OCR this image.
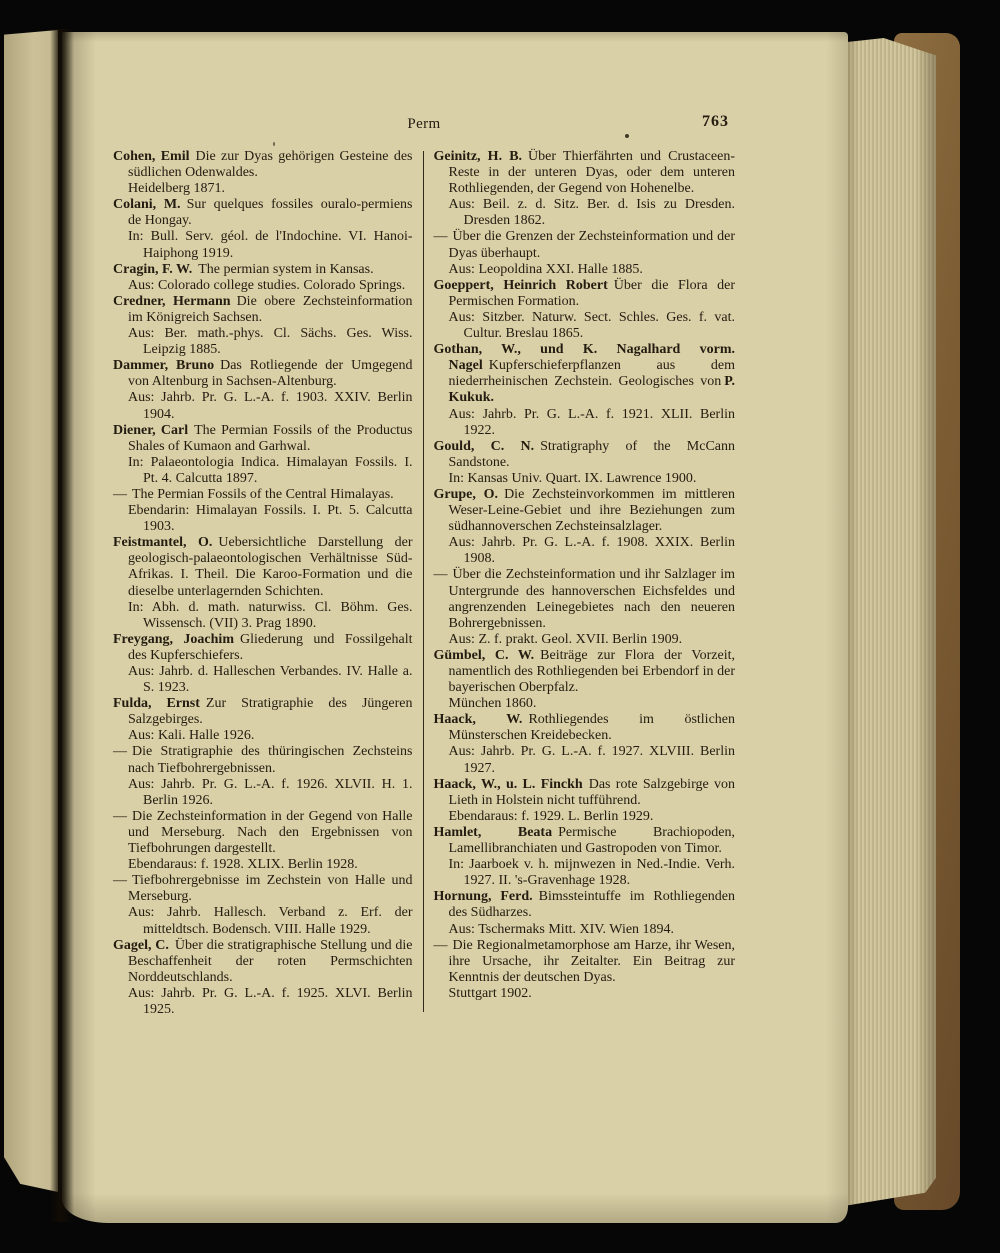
Perm	763

Cohen, Emil Die zur Dyas gehörigen Gesteine des südlichen Odenwaldes.

Heidelberg 1871.

Colani, M. Sur quelques fossiles ouralo-permiens de Hongay.

In: Bull. Serv. géol. de l'Indochine. VI. Hanoi-Haiphong 1919.

Cragin, F. W. The permian system in Kansas.

Aus: Colorado college studies. Colorado Springs.

Credner, Hermann Die obere Zechsteinformation im Königreich Sachsen.

Aus: Ber. math.-phys. Cl. Sächs. Ges. Wiss. Leipzig 1885.

Dammer, Bruno Das Rotliegende der Umgegend von Altenburg in Sachsen-Altenburg.

Aus: Jahrb. Pr. G. L.-A. f. 1903. XXIV. Berlin 1904.

Diener, Carl The Permian Fossils of the Productus Shales of Kumaon and Garhwal.

In: Palaeontologia Indica. Himalayan Fossils. I. Pt. 4. Calcutta 1897.

— The Permian Fossils of the Central Himalayas.

Ebendarin: Himalayan Fossils. I. Pt. 5. Calcutta 1903.

Feistmantel, O. Uebersichtliche Darstellung der geologisch-palaeontologischen Verhältnisse Süd-Afrikas. I. Theil. Die Karoo-Formation und die dieselbe unterlagernden Schichten.

In: Abh. d. math. naturwiss. Cl. Böhm. Ges. Wissensch. (VII) 3. Prag 1890.

Freygang, Joachim Gliederung und Fossilgehalt des Kupferschiefers.

Aus: Jahrb. d. Halleschen Verbandes. IV. Halle a. S. 1923.

Fulda, Ernst Zur Stratigraphie des Jüngeren Salzgebirges.

Aus: Kali. Halle 1926.

— Die Stratigraphie des thüringischen Zechsteins nach Tiefbohrergebnissen.

Aus: Jahrb. Pr. G. L.-A. f. 1926. XLVII. H. 1. Berlin 1926.

— Die Zechsteinformation in der Gegend von Halle und Merseburg. Nach den Ergebnissen von Tiefbohrungen dargestellt.

Ebendaraus: f. 1928. XLIX. Berlin 1928.

— Tiefbohrergebnisse im Zechstein von Halle und Merseburg.

Aus: Jahrb. Hallesch. Verband z. Erf. der mitteldtsch. Bodensch. VIII. Halle 1929.

Gagel, C. Über die stratigraphische Stellung und die Beschaffenheit der roten Permschichten Norddeutschlands.

Aus: Jahrb. Pr. G. L.-A. f. 1925. XLVI. Berlin 1925.

Geinitz, H. B. Über Thierfährten und Crustaceen-Reste in der unteren Dyas, oder dem unteren Rothliegenden, der Gegend von Hohenelbe.

Aus: Beil. z. d. Sitz. Ber. d. Isis zu Dresden. Dresden 1862.

— Über die Grenzen der Zechsteinformation und der Dyas überhaupt.

Aus: Leopoldina XXI. Halle 1885.

Goeppert, Heinrich Robert Über die Flora der Permischen Formation.

Aus: Sitzber. Naturw. Sect. Schles. Ges. f. vat. Cultur. Breslau 1865.

Gothan, W., und K. Nagalhard vorm. Nagel Kupferschieferpflanzen aus dem niederrheinischen Zechstein. Geologisches von P. Kukuk.

Aus: Jahrb. Pr. G. L.-A. f. 1921. XLII. Berlin 1922.

Gould, C. N. Stratigraphy of the McCann Sandstone.

In: Kansas Univ. Quart. IX. Lawrence 1900.

Grupe, O. Die Zechsteinvorkommen im mittleren Weser-Leine-Gebiet und ihre Beziehungen zum südhannoverschen Zechsteinsalzlager.

Aus: Jahrb. Pr. G. L.-A. f. 1908. XXIX. Berlin 1908.

— Über die Zechsteinformation und ihr Salzlager im Untergrunde des hannoverschen Eichsfeldes und angrenzenden Leinegebietes nach den neueren Bohrergebnissen.

Aus: Z. f. prakt. Geol. XVII. Berlin 1909.

Gümbel, C. W. Beiträge zur Flora der Vorzeit, namentlich des Rothliegenden bei Erbendorf in der bayerischen Oberpfalz.

München 1860.

Haack, W. Rothliegendes im östlichen Münsterschen Kreidebecken.

Aus: Jahrb. Pr. G. L.-A. f. 1927. XLVIII. Berlin 1927.

Haack, W., u. L. Finckh Das rote Salzgebirge von Lieth in Holstein nicht tufführend.

Ebendaraus: f. 1929. L. Berlin 1929.

Hamlet, Beata Permische Brachiopoden, Lamellibranchiaten und Gastropoden von Timor.

In: Jaarboek v. h. mijnwezen in Ned.-Indie. Verh. 1927. II. 's-Gravenhage 1928.

Hornung, Ferd. Bimssteintuffe im Rothliegenden des Südharzes.

Aus: Tschermaks Mitt. XIV. Wien 1894.

— Die Regionalmetamorphose am Harze, ihr Wesen, ihre Ursache, ihr Zeitalter. Ein Beitrag zur Kenntnis der deutschen Dyas.

Stuttgart 1902.
